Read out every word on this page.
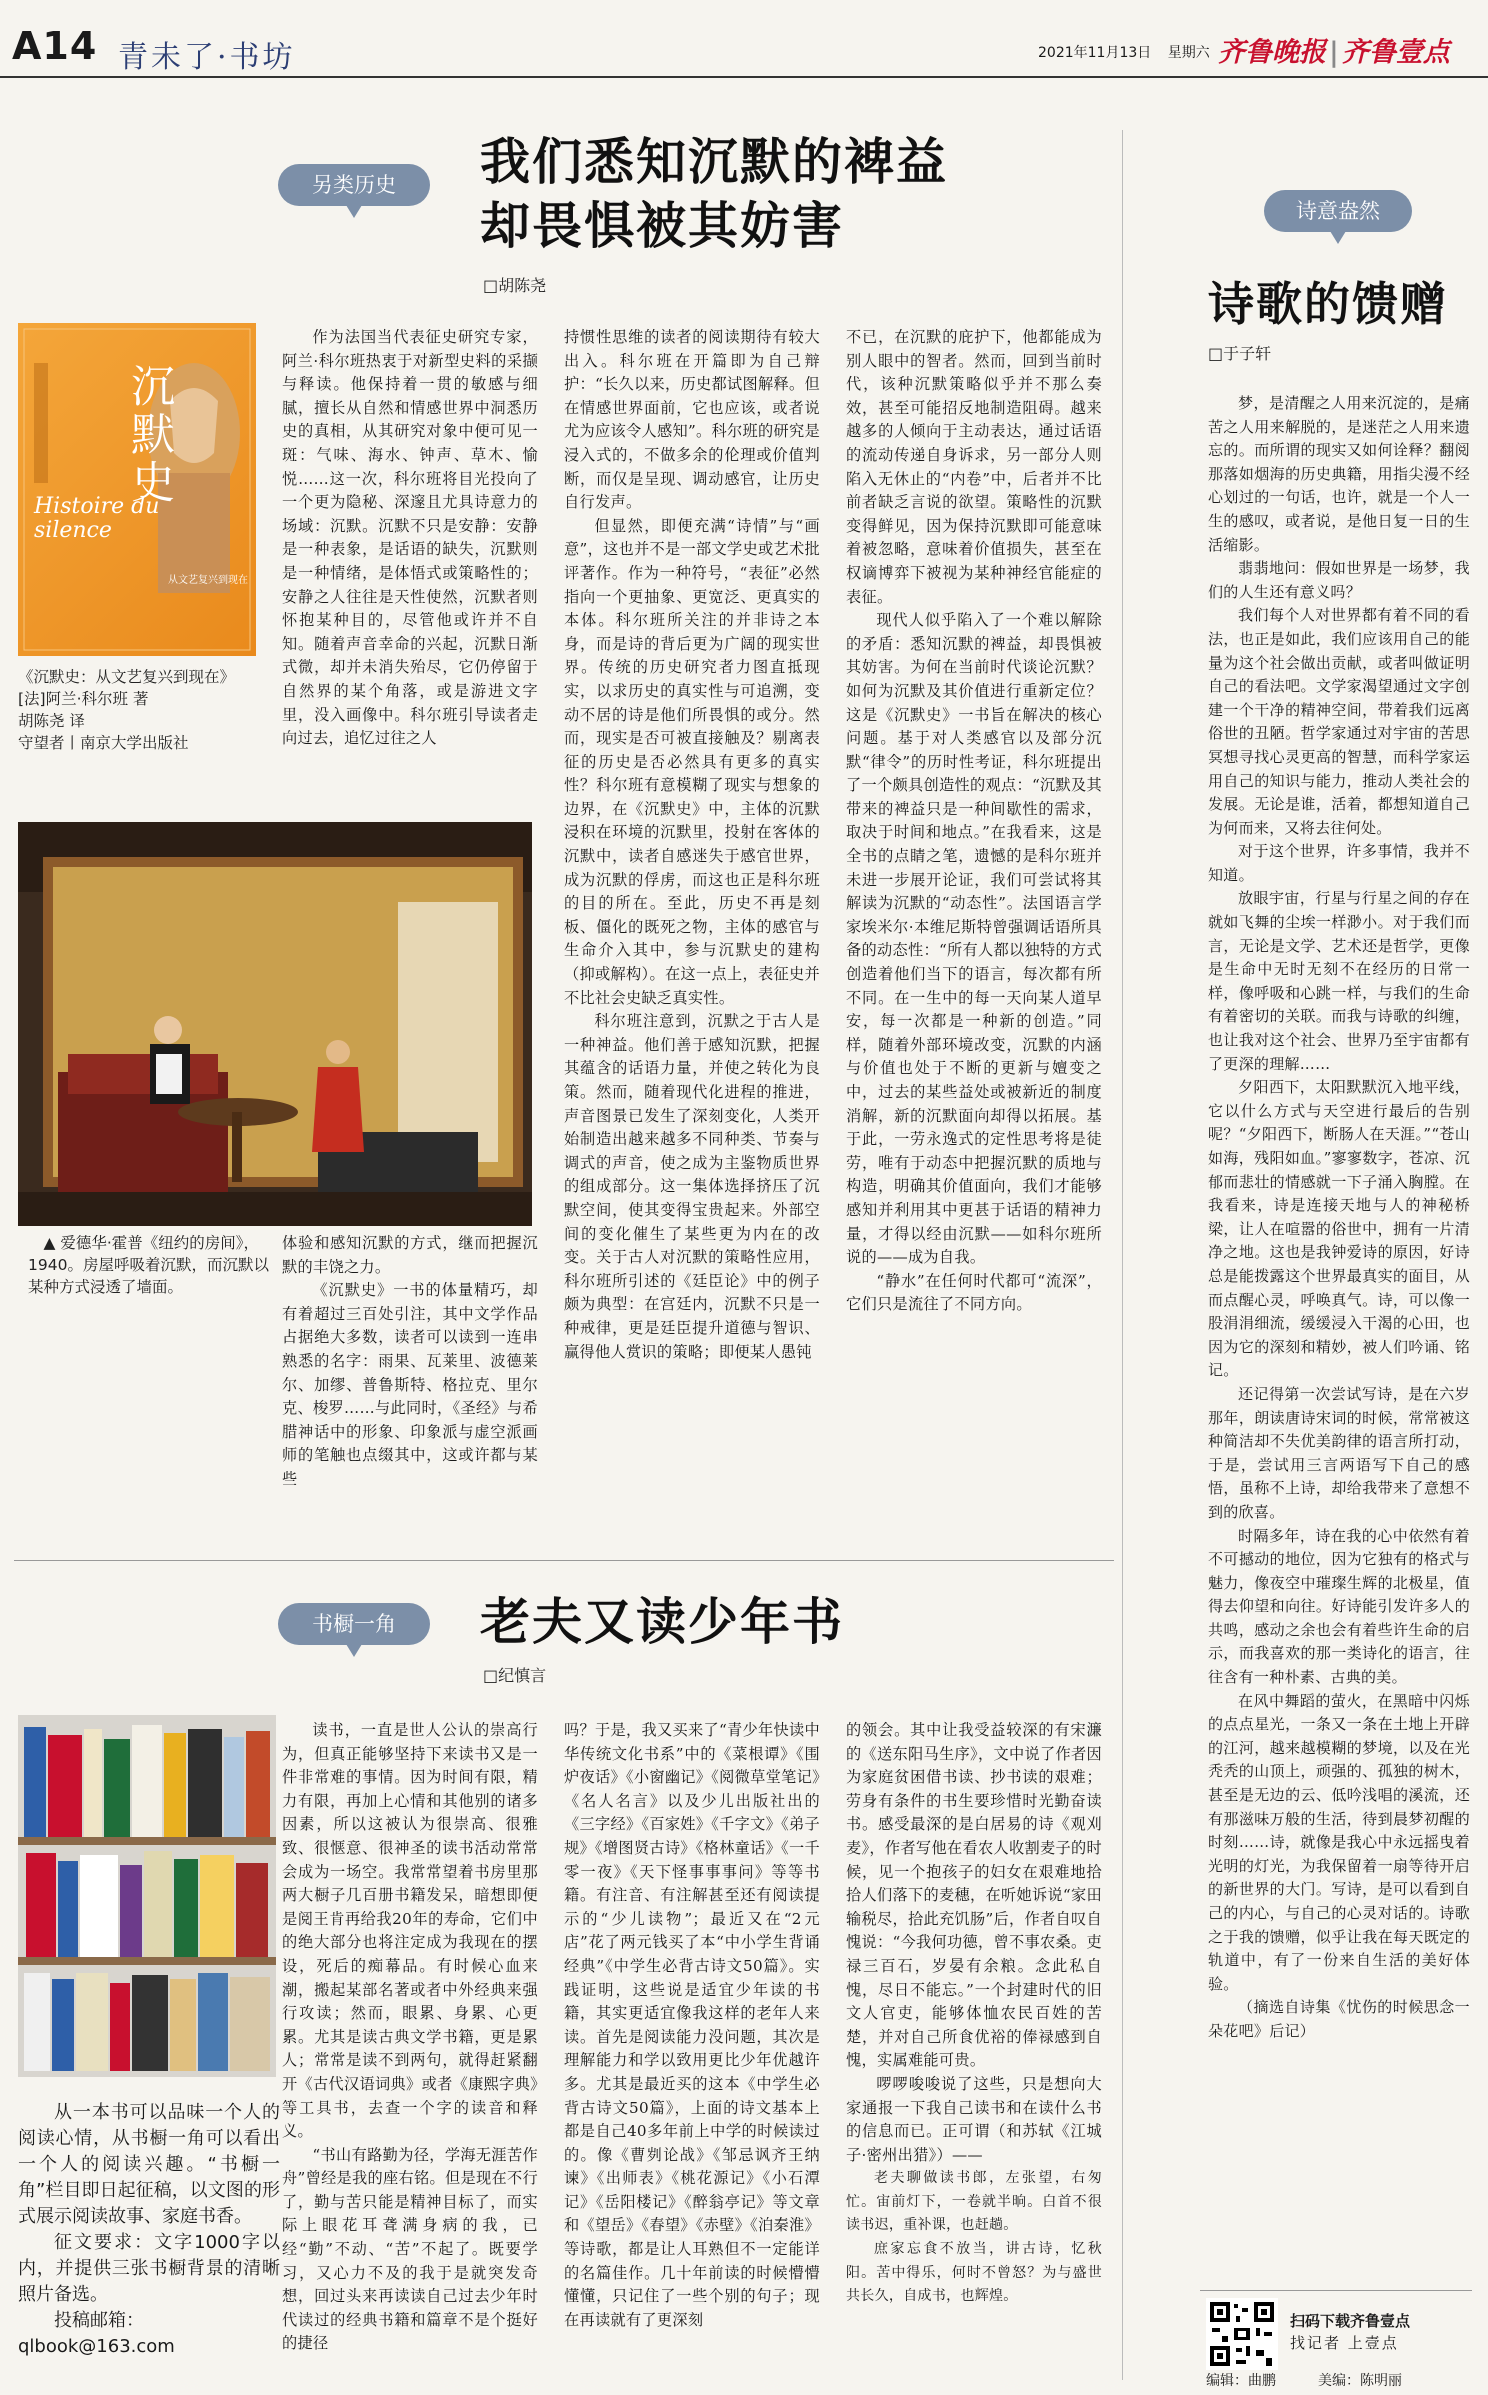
A14 青未了·书坊	2021年11月13日 星期六 齐鲁晚报 | 齐鲁壹点
另类历史	我们悉知沉默的裨益
却畏惧被其妨害
□胡陈尧
沉默史
Histoire du silence
从文艺复兴到现在
《沉默史：从文艺复兴到现在》
[法]阿兰·科尔班 著
胡陈尧 译
守望者丨南京大学出版社
▲ 爱德华·霍普《纽约的房间》，1940。房屋呼吸着沉默，而沉默以某种方式浸透了墙面。

作为法国当代表征史研究专家，阿兰·科尔班热衷于对新型史料的采撷与释读。他保持着一贯的敏感与细腻，擅长从自然和情感世界中洞悉历史的真相，从其研究对象中便可见一斑：气味、海水、钟声、草木、愉悦……这一次，科尔班将目光投向了一个更为隐秘、深邃且尤具诗意力的场域：沉默。沉默不只是安静：安静是一种表象，是话语的缺失，沉默则是一种情绪，是体悟式或策略性的；安静之人往往是天性使然，沉默者则怀抱某种目的，尽管他或许并不自知。随着声音幸命的兴起，沉默日渐式微，却并未消失殆尽，它仍停留于自然界的某个角落，或是游进文字里，没入画像中。科尔班引导读者走向过去，追忆过往之人

体验和感知沉默的方式，继而把握沉默的丰饶之力。

《沉默史》一书的体量精巧，却有着超过三百处引注，其中文学作品占据绝大多数，读者可以读到一连串熟悉的名字：雨果、瓦莱里、波德莱尔、加缪、普鲁斯特、格拉克、里尔克、梭罗……与此同时，《圣经》与希腊神话中的形象、印象派与虚空派画师的笔触也点缀其中，这或许都与某些

持惯性思维的读者的阅读期待有较大出入。科尔班在开篇即为自己辩护：“长久以来，历史都试图解释。但在情感世界面前，它也应该，或者说尤为应该令人感知”。科尔班的研究是浸入式的，不做多余的伦理或价值判断，而仅是呈现、调动感官，让历史自行发声。

但显然，即便充满“诗情”与“画意”，这也并不是一部文学史或艺术批评著作。作为一种符号，“表征”必然指向一个更抽象、更宽泛、更真实的本体。科尔班所关注的并非诗之本身，而是诗的背后更为广阔的现实世界。传统的历史研究者力图直抵现实，以求历史的真实性与可追溯，变动不居的诗是他们所畏惧的或分。然而，现实是否可被直接触及？剔离表征的历史是否必然具有更多的真实性？科尔班有意模糊了现实与想象的边界，在《沉默史》中，主体的沉默浸积在环境的沉默里，投射在客体的沉默中，读者自感迷失于感官世界，成为沉默的俘虏，而这也正是科尔班的目的所在。至此，历史不再是刻板、僵化的既死之物，主体的感官与生命介入其中，参与沉默史的建构（抑或解构）。在这一点上，表征史并不比社会史缺乏真实性。

科尔班注意到，沉默之于古人是一种神益。他们善于感知沉默，把握其蕴含的话语力量，并使之转化为良策。然而，随着现代化进程的推进，声音图景已发生了深刻变化，人类开始制造出越来越多不同种类、节奏与调式的声音，使之成为主鉴物质世界的组成部分。这一集体选择挤压了沉默空间，使其变得宝贵起来。外部空间的变化催生了某些更为内在的改变。关于古人对沉默的策略性应用，科尔班所引述的《廷臣论》中的例子颇为典型：在宫廷内，沉默不只是一种戒律，更是廷臣提升道德与智识、赢得他人赏识的策略；即便某人愚钝

不已，在沉默的庇护下，他都能成为别人眼中的智者。然而，回到当前时代，该种沉默策略似乎并不那么奏效，甚至可能招反地制造阻碍。越来越多的人倾向于主动表达，通过话语的流动传递自身诉求，另一部分人则陷入无休止的“内卷”中，后者并不比前者缺乏言说的欲望。策略性的沉默变得鲜见，因为保持沉默即可能意味着被忽略，意味着价值损失，甚至在权谪博弈下被视为某种神经官能症的表征。

现代人似乎陷入了一个难以解除的矛盾：悉知沉默的裨益，却畏惧被其妨害。为何在当前时代谈论沉默？如何为沉默及其价值进行重新定位？这是《沉默史》一书旨在解决的核心问题。基于对人类感官以及部分沉默“律令”的历时性考证，科尔班提出了一个颇具创造性的观点：“沉默及其带来的裨益只是一种间歇性的需求，取决于时间和地点。”在我看来，这是全书的点睛之笔，遗憾的是科尔班并未进一步展开论证，我们可尝试将其解读为沉默的“动态性”。法国语言学家埃米尔·本维尼斯特曾强调话语所具备的动态性：“所有人都以独特的方式创造着他们当下的语言，每次都有所不同。在一生中的每一天向某人道早安，每一次都是一种新的创造。”同样，随着外部环境改变，沉默的内涵与价值也处于不断的更新与嬗变之中，过去的某些益处或被新近的制度消解，新的沉默面向却得以拓展。基于此，一劳永逸式的定性思考将是徒劳，唯有于动态中把握沉默的质地与构造，明确其价值面向，我们才能够感知并利用其中更甚于话语的精神力量，才得以经由沉默——如科尔班所说的——成为自我。

“静水”在任何时代都可“流深”，它们只是流往了不同方向。

书橱一角	老夫又读少年书
□纪慎言
从一本书可以品味一个人的阅读心情，从书橱一角可以看出一个人的阅读兴趣。“书橱一角”栏目即日起征稿，以文图的形式展示阅读故事、家庭书香。
征文要求：文字1000字以内，并提供三张书橱背景的清晰照片备选。
投稿邮箱：
qlbook@163.com

读书，一直是世人公认的崇高行为，但真正能够坚持下来读书又是一件非常难的事情。因为时间有限，精力有限，再加上心情和其他别的诸多因素，所以这被认为很崇高、很雅致、很惬意、很神圣的读书活动常常会成为一场空。我常常望着书房里那两大橱子几百册书籍发呆，暗想即便是阅王肯再给我20年的寿命，它们中的绝大部分也将注定成为我现在的摆设，死后的痴幕品。有时候心血来潮，搬起某部名著或者中外经典来强行攻读；然而，眼累、身累、心更累。尤其是读古典文学书籍，更是累人；常常是读不到两句，就得赶紧翻开《古代汉语词典》或者《康熙字典》等工具书，去查一个字的读音和释义。

“书山有路勤为径，学海无涯苦作舟”曾经是我的座右铭。但是现在不行了，勤与苦只能是精神目标了，而实际上眼花耳聋满身病的我，已经“勤”不动、“苦”不起了。既要学习，又心力不及的我于是就突发奇想，回过头来再读读自己过去少年时代读过的经典书籍和篇章不是个挺好的捷径

吗？于是，我又买来了“青少年快读中华传统文化书系”中的《菜根谭》《围炉夜话》《小窗幽记》《阅微草堂笔记》《名人名言》以及少儿出版社出的《三字经》《百家姓》《千字文》《弟子规》《增图贤古诗》《格林童话》《一千零一夜》《天下怪事事事问》等等书籍。有注音、有注解甚至还有阅读提示的“少儿读物”；最近又在“2元店”花了两元钱买了本“中小学生背诵经典”《中学生必背古诗文50篇》。实践证明，这些说是适宜少年读的书籍，其实更适宜像我这样的老年人来读。首先是阅读能力没问题，其次是理解能力和学以致用更比少年优越许多。尤其是最近买的这本《中学生必背古诗文50篇》，上面的诗文基本上都是自己40多年前上中学的时候读过的。像《曹刿论战》《邹忌讽齐王纳谏》《出师表》《桃花源记》《小石潭记》《岳阳楼记》《醉翁亭记》等文章和《望岳》《春望》《赤壁》《泊秦淮》等诗歌，都是让人耳熟但不一定能详的名篇佳作。几十年前读的时候懵懵懂懂，只记住了一些个别的句子；现在再读就有了更深刻

的领会。其中让我受益较深的有宋濂的《送东阳马生序》，文中说了作者因为家庭贫困借书读、抄书读的艰难；劳身有条件的书生要珍惜时光勤奋读书。感受最深的是白居易的诗《观刈麦》，作者写他在看农人收割麦子的时候，见一个抱孩子的妇女在艰难地拾拾人们落下的麦穗，在听她诉说“家田输税尽，拾此充饥肠”后，作者自叹自愧说：“今我何功德，曾不事农桑。吏禄三百石，岁晏有余粮。念此私自愧，尽日不能忘。”一个封建时代的旧文人官吏，能够体恤农民百姓的苦楚，并对自己所食优裕的俸禄感到自愧，实属难能可贵。

啰啰唆唆说了这些，只是想向大家通报一下我自己读书和在读什么书的信息而已。正可谓（和苏轼《江城子·密州出猎》）——

老夫聊做读书郎，左张望，右匆忙。宙前灯下，一卷就半晌。白首不很读书迟，重补课，也赶趟。

庶家忘食不放当，讲古诗，忆秋阳。苦中得乐，何时不曾怒？为与盛世共长久，自成书，也辉煌。

诗意盎然
诗歌的馈赠
□于子轩

梦，是清醒之人用来沉淀的，是痛苦之人用来解脱的，是迷茫之人用来遗忘的。而所谓的现实又如何诠释？翻阅那落如烟海的历史典籍，用指尖漫不经心划过的一句话，也许，就是一个人一生的感叹，或者说，是他日复一日的生活缩影。

翡翡地问：假如世界是一场梦，我们的人生还有意义吗？

我们每个人对世界都有着不同的看法，也正是如此，我们应该用自己的能量为这个社会做出贡献，或者叫做证明自己的看法吧。文学家渴望通过文字创建一个干净的精神空间，带着我们远离俗世的丑陋。哲学家通过对宇宙的苦思冥想寻找心灵更高的智慧，而科学家运用自己的知识与能力，推动人类社会的发展。无论是谁，活着，都想知道自己为何而来，又将去往何处。

对于这个世界，许多事情，我并不知道。

放眼宇宙，行星与行星之间的存在就如飞舞的尘埃一样渺小。对于我们而言，无论是文学、艺术还是哲学，更像是生命中无时无刻不在经历的日常一样，像呼吸和心跳一样，与我们的生命有着密切的关联。而我与诗歌的纠缠，也让我对这个社会、世界乃至宇宙都有了更深的理解……

夕阳西下，太阳默默沉入地平线，它以什么方式与天空进行最后的告别呢？“夕阳西下，断肠人在天涯。”“苍山如海，残阳如血。”寥寥数字，苍凉、沉郁而悲壮的情感就一下子涌入胸膛。在我看来，诗是连接天地与人的神秘桥梁，让人在喧嚣的俗世中，拥有一片清净之地。这也是我钟爱诗的原因，好诗总是能拨露这个世界最真实的面目，从而点醒心灵，呼唤真气。诗，可以像一股涓涓细流，缓缓浸入干渴的心田，也因为它的深刻和精妙，被人们吟诵、铭记。

还记得第一次尝试写诗，是在六岁那年，朗读唐诗宋词的时候，常常被这种简洁却不失优美韵律的语言所打动，于是，尝试用三言两语写下自己的感悟，虽称不上诗，却给我带来了意想不到的欣喜。

时隔多年，诗在我的心中依然有着不可撼动的地位，因为它独有的格式与魅力，像夜空中璀璨生辉的北极星，值得去仰望和向往。好诗能引发许多人的共鸣，感动之余也会有着些许生命的启示，而我喜欢的那一类诗化的语言，往往含有一种朴素、古典的美。

在风中舞蹈的萤火，在黑暗中闪烁的点点星光，一条又一条在土地上开辟的江河，越来越模糊的梦境，以及在光秃秃的山顶上，顽强的、孤独的树木，甚至是无边的云、低吟浅唱的溪流，还有那滋味万般的生活，待到晨梦初醒的时刻……诗，就像是我心中永远摇曳着光明的灯光，为我保留着一扇等待开启的新世界的大门。写诗，是可以看到自己的内心，与自己的心灵对话的。诗歌之于我的馈赠，似乎让我在每天既定的轨道中，有了一份来自生活的美好体验。

（摘选自诗集《忧伤的时候思念一朵花吧》后记）

扫码下载齐鲁壹点
找记者 上壹点
编辑：曲鹏	美编：陈明丽
